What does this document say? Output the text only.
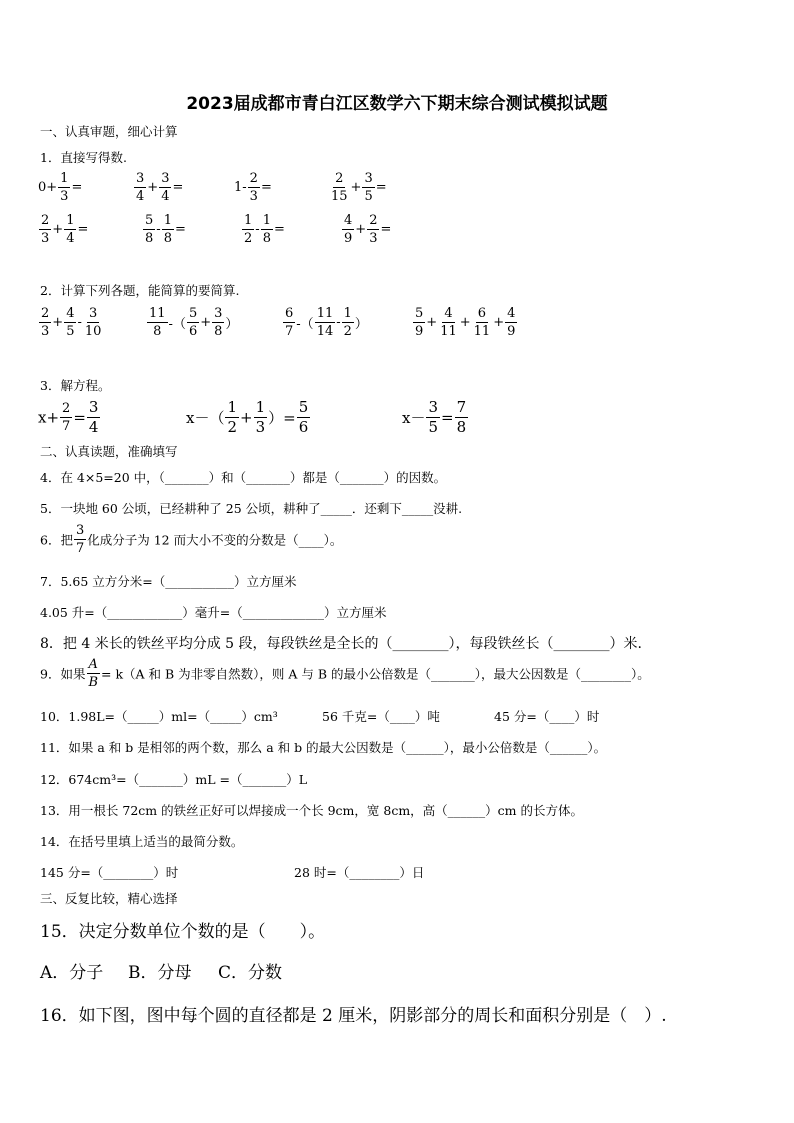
2023届成都市青白江区数学六下期末综合测试模拟试题
一、认真审题，细心计算
1．直接写得数.
$0+ \frac{1}{3}$ =	$\frac{3}{4} + \frac{3}{4}$ =	$1- \frac{2}{3}$ =	$\frac{2}{15} + \frac{3}{5}$ =
$\frac{2}{3} + \frac{1}{4}$ =	$\frac{5}{8} - \frac{1}{8}$ =	$\frac{1}{2} - \frac{1}{8}$ =	$\frac{4}{9} + \frac{2}{3}$ =
2．计算下列各题，能简算的要简算.
$\frac{2}{3} + \frac{4}{5} - \frac{3}{10}$	$\frac{11}{8}$ -（ $\frac{5}{6} + \frac{3}{8}$ ）	$\frac{6}{7}$ -（ $\frac{11}{14} - \frac{1}{2}$ ）	$\frac{5}{9} + \frac{4}{11} + \frac{6}{11} + \frac{4}{9}$
3．解方程。
$x+ \frac{2}{7} = \frac{3}{4}$	$x-( \frac{1}{2} + \frac{1}{3}$ ）= $\frac{5}{6}$	$x- \frac{3}{5} = \frac{7}{8}$
二、认真读题，准确填写
4．在 4×5=20 中，（_______）和（_______）都是（_______）的因数。
5．一块地 60 公顷，已经耕种了 25 公顷，耕种了_____．还剩下_____没耕.
6．把 $\frac{3}{7}$ 化成分子为 12 而大小不变的分数是（____）。
7．5.65 立方分米=（___________）立方厘米
4.05 升=（____________）毫升=（_____________）立方厘米
8．把 4 米长的铁丝平均分成 5 段，每段铁丝是全长的（________），每段铁丝长（________）米.
9．如果 $\frac{A}{B} = k(A$ 和 B 为非零自然数），则 A 与 B 的最小公倍数是（_______），最大公因数是（________）。
10．1.98L=（_____）ml=（_____）cm³	56 千克=（____）吨	45 分=（____）时
11．如果 a 和 b 是相邻的两个数，那么 a 和 b 的最大公因数是（______），最小公倍数是（______）。
12．674cm³=（_______）mL =（_______）L
13．用一根长 72cm 的铁丝正好可以焊接成一个长 9cm，宽 8cm，高（______）cm 的长方体。
14．在括号里填上适当的最简分数。
145 分=（________）时	28 时=（________）日
三、反复比较，精心选择
15．决定分数单位个数的是（　　）。
A．分子 B．分母 C．分数
16．如下图，图中每个圆的直径都是 2 厘米，阴影部分的周长和面积分别是（　）.
